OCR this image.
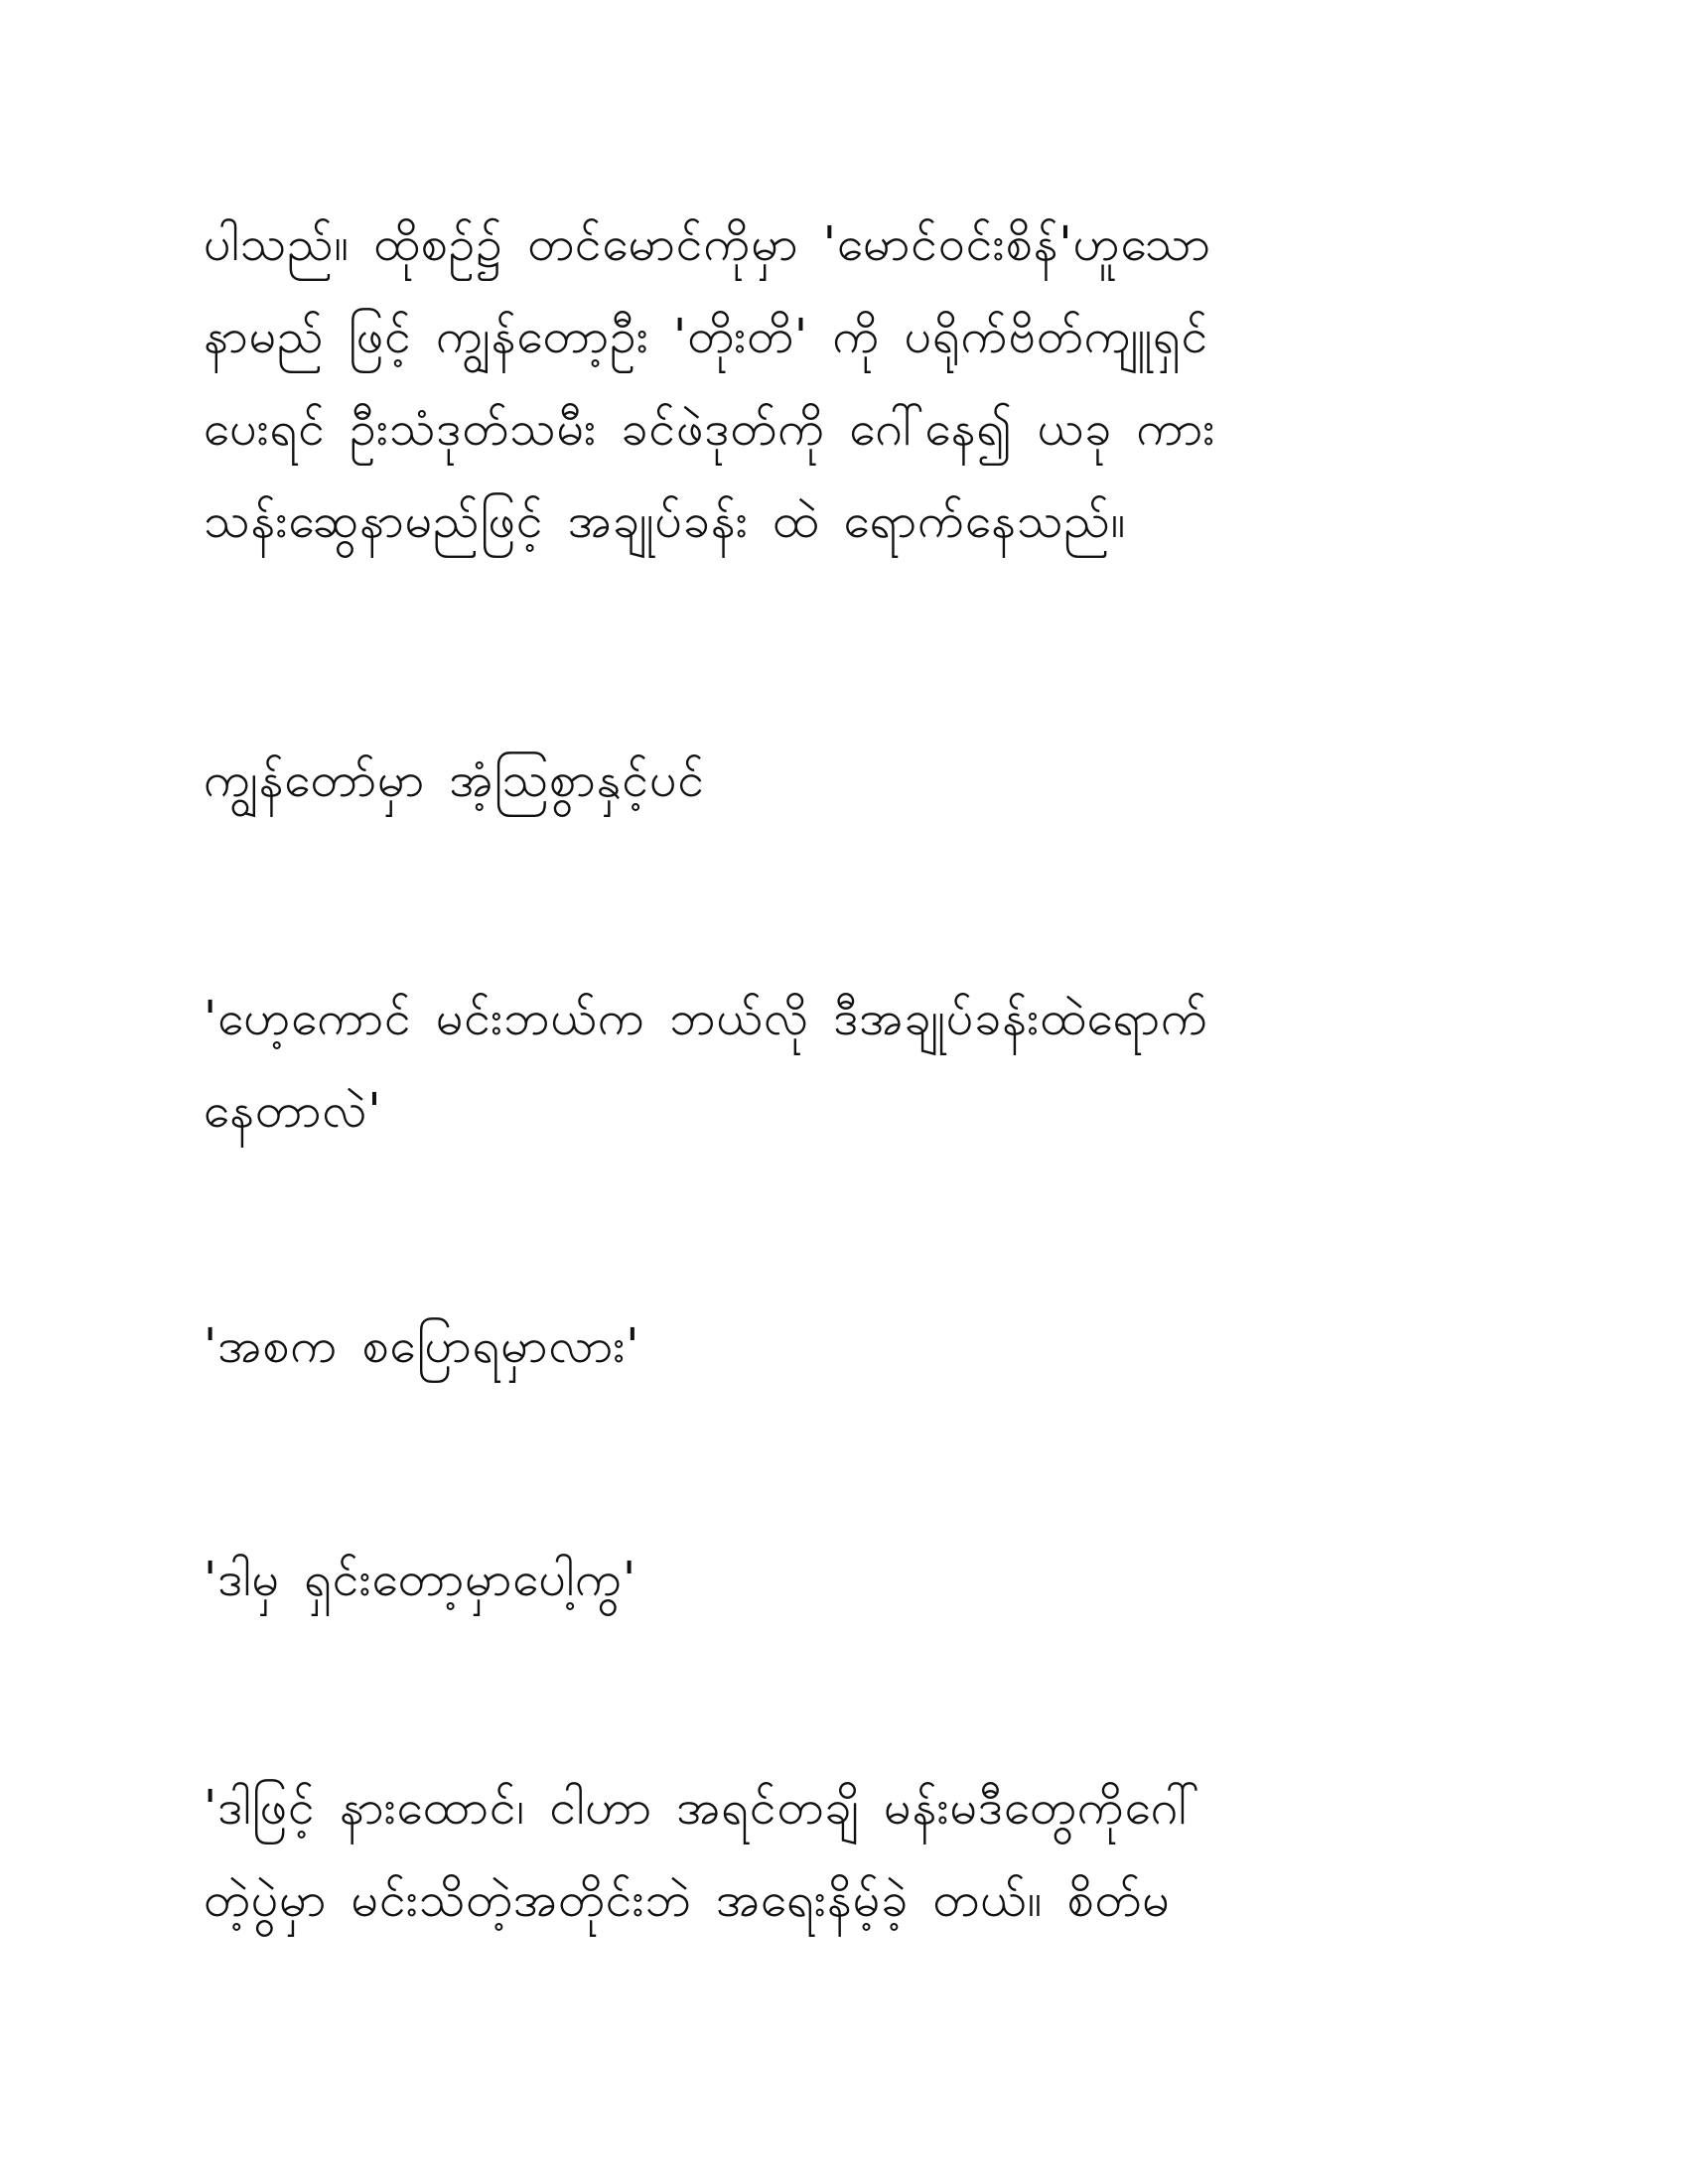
ပါသည်။ ထိုစဉ်၌ တင်မောင်ကိုမှာ 'မောင်ဝင်းစိန်'ဟူသော
နာမည် ဖြင့် ကျွန်တော့ဦး 'တိုးတိ' ကို ပရိုက်ဗိတ်ကျူရှင်
ပေးရင် ဦးသံဒုတ်သမီး ခင်ဖဲဒုတ်ကို ဂေါ်နေ၍ ယခု ကား
သန်းဆွေနာမည်ဖြင့် အချုပ်ခန်း ထဲ ရောက်နေသည်။
ကျွန်တော်မှာ အံ့သြစွာနှင့်ပင်
'ဟေ့ကောင် မင်းဘယ်က ဘယ်လို ဒီအချုပ်ခန်းထဲရောက်
နေတာလဲ'
'အစက စပြောရမှာလား'
'ဒါမှ ရှင်းတော့မှာပေါ့ကွ'
'ဒါဖြင့် နားထောင်၊ ငါဟာ အရင်တချိ မန်းမဒီတွေကိုဂေါ်
တဲ့ပွဲမှာ မင်းသိတဲ့အတိုင်းဘဲ အရေးနိမ့်ခဲ့ တယ်။ စိတ်မ
